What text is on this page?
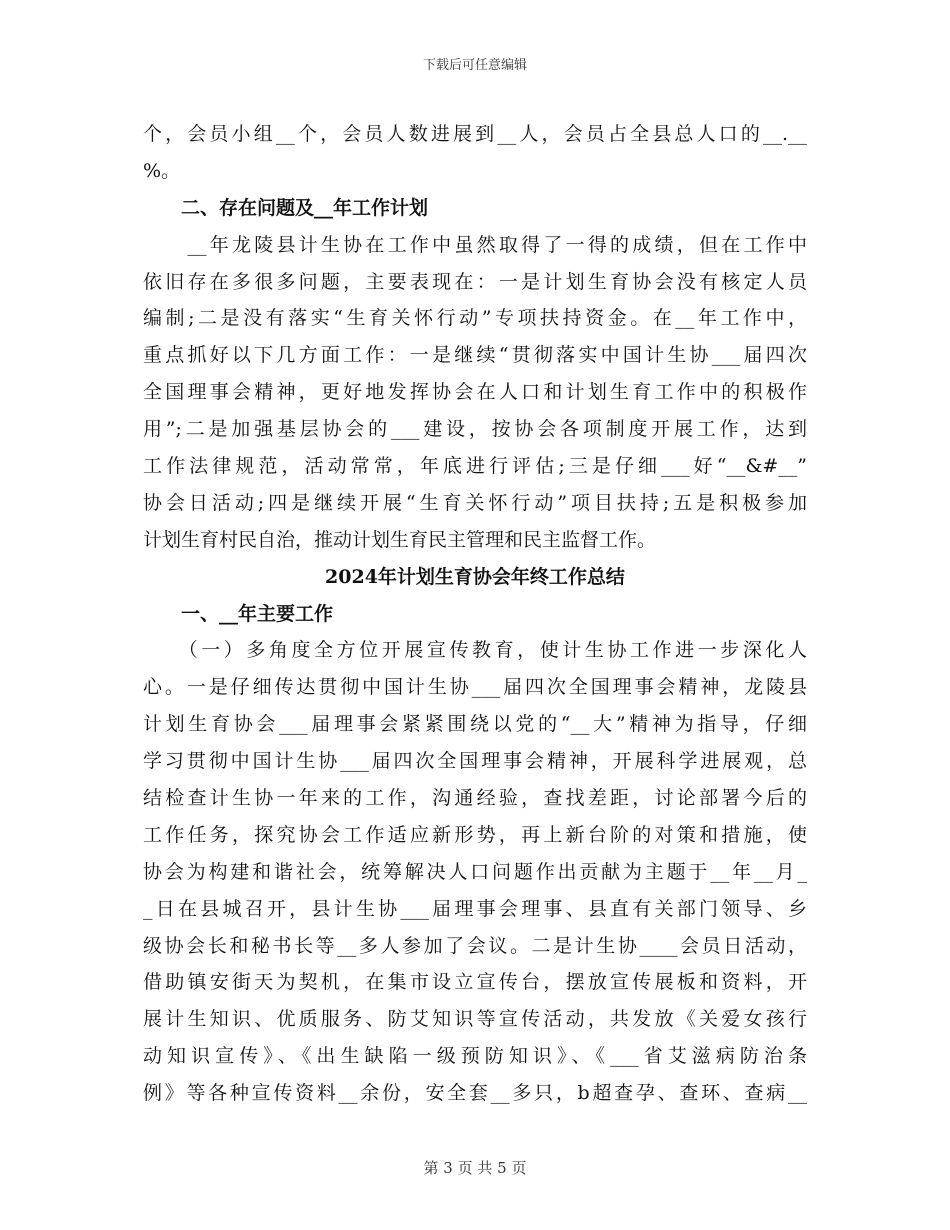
下载后可任意编辑
个，会员小组__个，会员人数进展到__人，会员占全县总人口的__.__
%。
　　二、存在问题及__年工作计划
　　__年龙陵县计生协在工作中虽然取得了一得的成绩，但在工作中
依旧存在多很多问题，主要表现在：一是计划生育协会没有核定人员
编制;二是没有落实“生育关怀行动”专项扶持资金。在__年工作中，
重点抓好以下几方面工作：一是继续“贯彻落实中国计生协___届四次
全国理事会精神，更好地发挥协会在人口和计划生育工作中的积极作
用”;二是加强基层协会的___建设，按协会各项制度开展工作，达到
工作法律规范，活动常常，年底进行评估;三是仔细___好“__&#__”
协会日活动;四是继续开展“生育关怀行动”项目扶持;五是积极参加
计划生育村民自治，推动计划生育民主管理和民主监督工作。
2024年计划生育协会年终工作总结
　　一、__年主要工作
　　（一）多角度全方位开展宣传教育，使计生协工作进一步深化人
心。一是仔细传达贯彻中国计生协___届四次全国理事会精神，龙陵县
计划生育协会___届理事会紧紧围绕以党的“__大”精神为指导，仔细
学习贯彻中国计生协___届四次全国理事会精神，开展科学进展观，总
结检查计生协一年来的工作，沟通经验，查找差距，讨论部署今后的
工作任务，探究协会工作适应新形势，再上新台阶的对策和措施，使
协会为构建和谐社会，统筹解决人口问题作出贡献为主题于__年__月_
_日在县城召开，县计生协___届理事会理事、县直有关部门领导、乡
级协会长和秘书长等__多人参加了会议。二是计生协____会员日活动，
借助镇安街天为契机，在集市设立宣传台，摆放宣传展板和资料，开
展计生知识、优质服务、防艾知识等宣传活动，共发放《关爱女孩行
动知识宣传》、《出生缺陷一级预防知识》、《___省艾滋病防治条
例》等各种宣传资料__余份，安全套__多只，b超查孕、查环、查病__
第 3 页 共 5 页
